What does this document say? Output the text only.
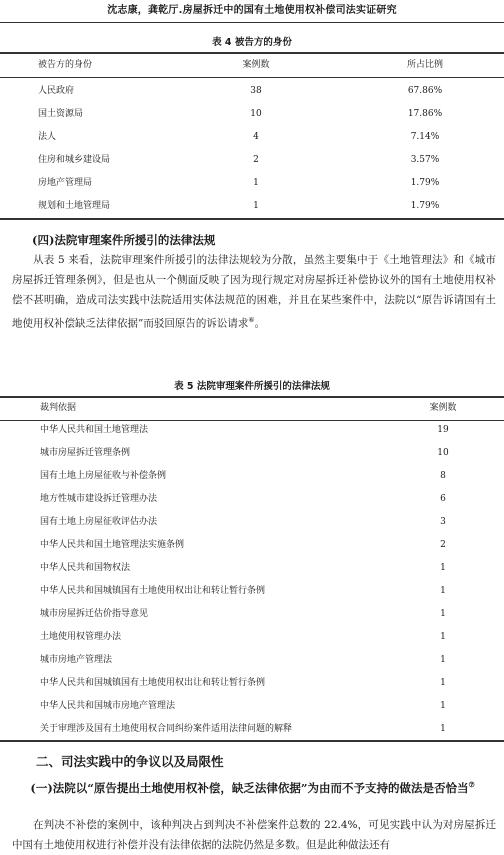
沈志康，龚乾厅.房屋拆迁中的国有土地使用权补偿司法实证研究
表 4 被告方的身份
被告方的身份	案例数	所占比例
人民政府	38	67.86%
国土资源局	10	17.86%
法人	4	7.14%
住房和城乡建设局	2	3.57%
房地产管理局	1	1.79%
规划和土地管理局	1	1.79%
(四)法院审理案件所援引的法律法规
从表 5 来看，法院审理案件所援引的法律法规较为分散，虽然主要集中于《土地管理法》和《城市房屋拆迁管理条例》，但是也从一个侧面反映了因为现行规定对房屋拆迁补偿协议外的国有土地使用权补偿不甚明确，造成司法实践中法院适用实体法规范的困难，并且在某些案件中，法院以“原告诉请国有土地使用权补偿缺乏法律依据”而驳回原告的诉讼请求⑥。
表 5 法院审理案件所援引的法律法规
裁判依据	案例数
中华人民共和国土地管理法	19
城市房屋拆迁管理条例	10
国有土地上房屋征收与补偿条例	8
地方性城市建设拆迁管理办法	6
国有土地上房屋征收评估办法	3
中华人民共和国土地管理法实施条例	2
中华人民共和国物权法	1
中华人民共和国城镇国有土地使用权出让和转让暂行条例	1
城市房屋拆迁估价指导意见	1
土地使用权管理办法	1
城市房地产管理法	1
中华人民共和国城镇国有土地使用权出让和转让暂行条例	1
中华人民共和国城市房地产管理法	1
关于审理涉及国有土地使用权合同纠纷案件适用法律问题的解释	1
二、司法实践中的争议以及局限性
(一)法院以“原告提出土地使用权补偿，缺乏法律依据”为由而不予支持的做法是否恰当⑦
在判决不补偿的案例中，该种判决占到判决不补偿案件总数的 22.4%，可见实践中认为对房屋拆迁中国有土地使用权进行补偿并没有法律依据的法院仍然是多数。但是此种做法还有
